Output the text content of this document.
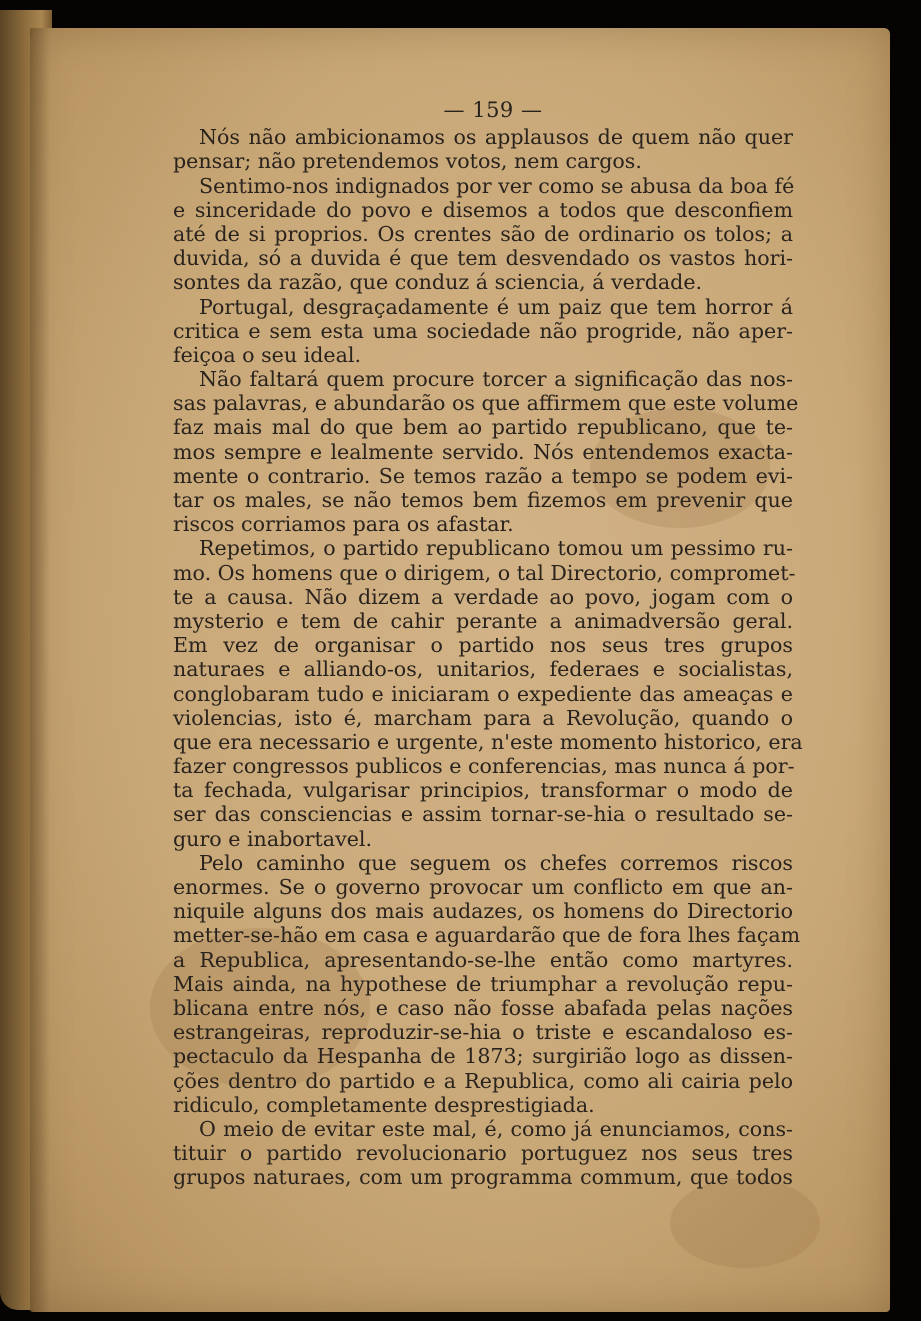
— 159 —
Nós não ambicionamos os applausos de quem não quer
pensar; não pretendemos votos, nem cargos.
Sentimo-nos indignados por ver como se abusa da boa fé
e sinceridade do povo e disemos a todos que desconfiem
até de si proprios. Os crentes são de ordinario os tolos; a
duvida, só a duvida é que tem desvendado os vastos hori-
sontes da razão, que conduz á sciencia, á verdade.
Portugal, desgraçadamente é um paiz que tem horror á
critica e sem esta uma sociedade não progride, não aper-
feiçoa o seu ideal.
Não faltará quem procure torcer a significação das nos-
sas palavras, e abundarão os que affirmem que este volume
faz mais mal do que bem ao partido republicano, que te-
mos sempre e lealmente servido. Nós entendemos exacta-
mente o contrario. Se temos razão a tempo se podem evi-
tar os males, se não temos bem fizemos em prevenir que
riscos corriamos para os afastar.
Repetimos, o partido republicano tomou um pessimo ru-
mo. Os homens que o dirigem, o tal Directorio, compromet-
te a causa. Não dizem a verdade ao povo, jogam com o
mysterio e tem de cahir perante a animadversão geral.
Em vez de organisar o partido nos seus tres grupos
naturaes e alliando-os, unitarios, federaes e socialistas,
conglobaram tudo e iniciaram o expediente das ameaças e
violencias, isto é, marcham para a Revolução, quando o
que era necessario e urgente, n'este momento historico, era
fazer congressos publicos e conferencias, mas nunca á por-
ta fechada, vulgarisar principios, transformar o modo de
ser das consciencias e assim tornar-se-hia o resultado se-
guro e inabortavel.
Pelo caminho que seguem os chefes corremos riscos
enormes. Se o governo provocar um conflicto em que an-
niquile alguns dos mais audazes, os homens do Directorio
metter-se-hão em casa e aguardarão que de fora lhes façam
a Republica, apresentando-se-lhe então como martyres.
Mais ainda, na hypothese de triumphar a revolução repu-
blicana entre nós, e caso não fosse abafada pelas nações
estrangeiras, reproduzir-se-hia o triste e escandaloso es-
pectaculo da Hespanha de 1873; surgirião logo as dissen-
ções dentro do partido e a Republica, como ali cairia pelo
ridiculo, completamente desprestigiada.
O meio de evitar este mal, é, como já enunciamos, cons-
tituir o partido revolucionario portuguez nos seus tres
grupos naturaes, com um programma commum, que todos
